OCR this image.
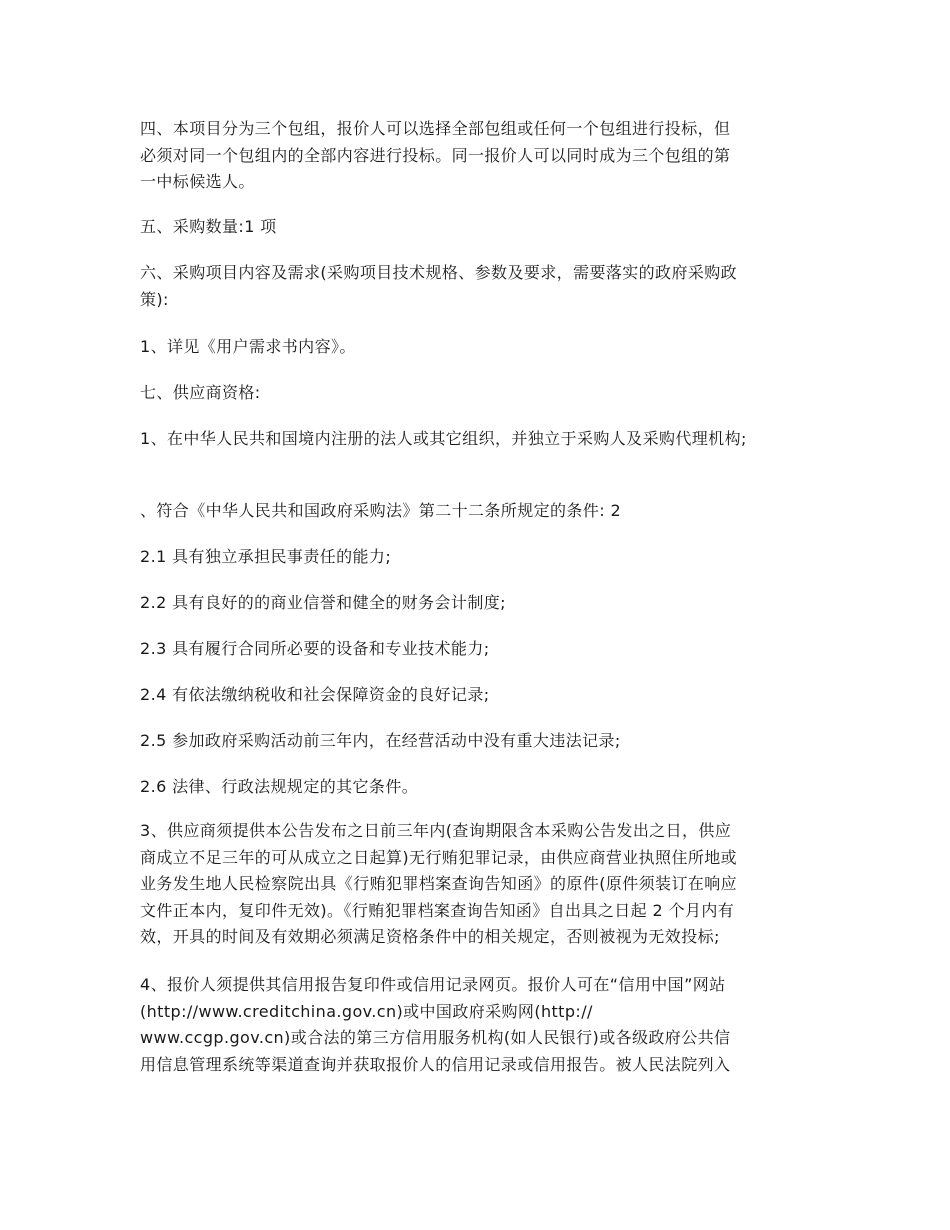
四、本项目分为三个包组，报价人可以选择全部包组或任何一个包组进行投标，但
必须对同一个包组内的全部内容进行投标。同一报价人可以同时成为三个包组的第
一中标候选人。

五、采购数量:1 项

六、采购项目内容及需求(采购项目技术规格、参数及要求，需要落实的政府采购政
策):

1、详见《用户需求书内容》。

七、供应商资格:

1、在中华人民共和国境内注册的法人或其它组织，并独立于采购人及采购代理机构;

、符合《中华人民共和国政府采购法》第二十二条所规定的条件: 2

2.1 具有独立承担民事责任的能力;

2.2 具有良好的的商业信誉和健全的财务会计制度;

2.3 具有履行合同所必要的设备和专业技术能力;

2.4 有依法缴纳税收和社会保障资金的良好记录;

2.5 参加政府采购活动前三年内，在经营活动中没有重大违法记录;

2.6 法律、行政法规规定的其它条件。

3、供应商须提供本公告发布之日前三年内(查询期限含本采购公告发出之日，供应
商成立不足三年的可从成立之日起算)无行贿犯罪记录，由供应商营业执照住所地或
业务发生地人民检察院出具《行贿犯罪档案查询告知函》的原件(原件须装订在响应
文件正本内，复印件无效)。《行贿犯罪档案查询告知函》自出具之日起 2 个月内有
效，开具的时间及有效期必须满足资格条件中的相关规定，否则被视为无效投标;

4、报价人须提供其信用报告复印件或信用记录网页。报价人可在“信用中国”网站
(http://www.creditchina.gov.cn)或中国政府采购网(http://
www.ccgp.gov.cn)或合法的第三方信用服务机构(如人民银行)或各级政府公共信
用信息管理系统等渠道查询并获取报价人的信用记录或信用报告。被人民法院列入
